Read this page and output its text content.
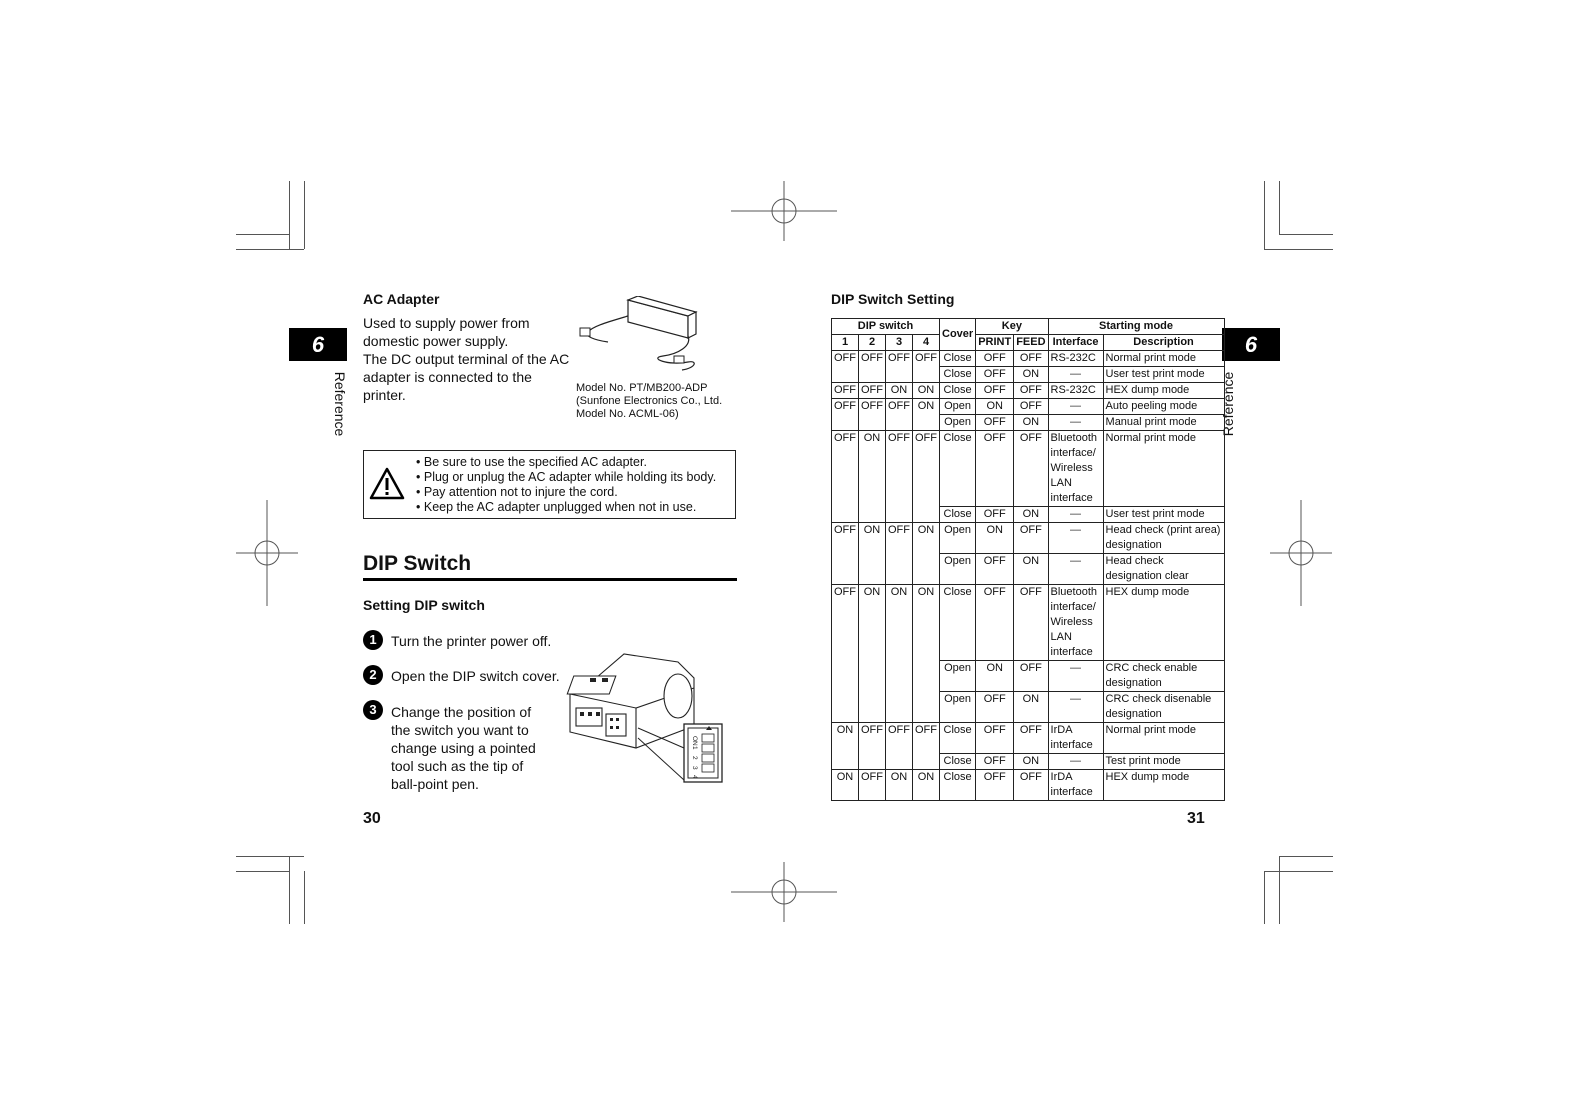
6
Reference
AC Adapter
Used to supply power from
domestic power supply.
The DC output terminal of the AC
adapter is connected to the
printer.	Model No. PT/MB200-ADP
(Sunfone Electronics Co., Ltd.
Model No. ACML-06)
• Be sure to use the specified AC adapter.
• Plug or unplug the AC adapter while holding its body.
• Pay attention not to injure the cord.
• Keep the AC adapter unplugged when not in use.
DIP Switch
Setting DIP switch
1	Turn the printer power off.
2	Open the DIP switch cover.
3	Change the position of
the switch you want to
change using a pointed
tool such as the tip of
ball-point pen.
ON
1
2
3
4
30
6
Reference
DIP Switch Setting
DIP switch				Cover	Key		Starting mode	
1	2	3	4		PRINT	FEED	Interface	Description
OFF	OFF	OFF	OFF	Close	OFF	OFF	RS-232C	Normal print mode
				Close	OFF	ON	—	User test print mode
OFF	OFF	ON	ON	Close	OFF	OFF	RS-232C	HEX dump mode
OFF	OFF	OFF	ON	Open	ON	OFF	—	Auto peeling mode
				Open	OFF	ON	—	Manual print mode
OFF	ON	OFF	OFF	Close	OFF	OFF	Bluetooth interface/ Wireless LAN interface	Normal print mode
				Close	OFF	ON	—	User test print mode
OFF	ON	OFF	ON	Open	ON	OFF	—	Head check (print area) designation
				Open	OFF	ON	—	Head check designation clear
OFF	ON	ON	ON	Close	OFF	OFF	Bluetooth interface/ Wireless LAN interface	HEX dump mode
				Open	ON	OFF	—	CRC check enable designation
				Open	OFF	ON	—	CRC check disenable designation
ON	OFF	OFF	OFF	Close	OFF	OFF	IrDA interface	Normal print mode
				Close	OFF	ON	—	Test print mode
ON	OFF	ON	ON	Close	OFF	OFF	IrDA interface	HEX dump mode
31
